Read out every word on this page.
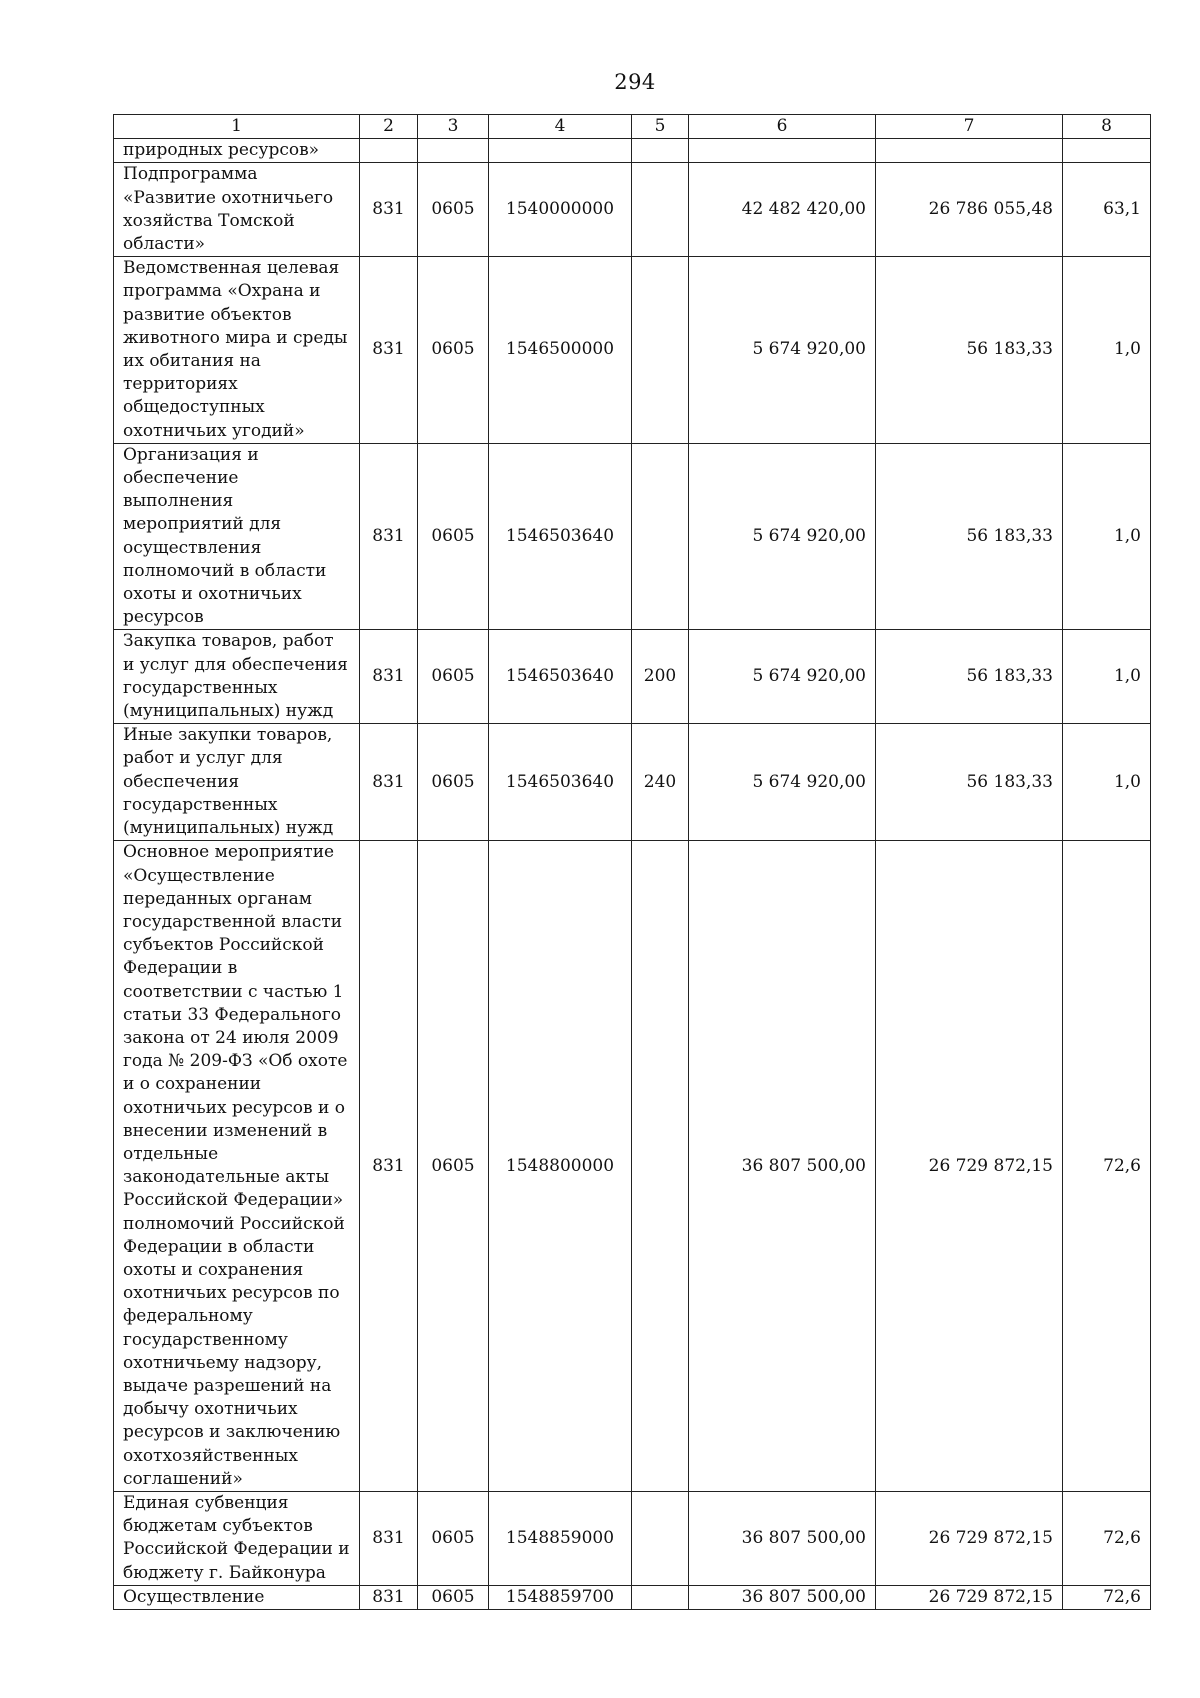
294
1	2	3	4	5	6	7	8
природных ресурсов»							
Подпрограмма «Развитие охотничьего хозяйства Томской области»	831	0605	1540000000		42 482 420,00	26 786 055,48	63,1
Ведомственная целевая программа «Охрана и развитие объектов животного мира и среды их обитания на территориях общедоступных охотничьих угодий»	831	0605	1546500000		5 674 920,00	56 183,33	1,0
Организация и обеспечение выполнения мероприятий для осуществления полномочий в области охоты и охотничьих ресурсов	831	0605	1546503640		5 674 920,00	56 183,33	1,0
Закупка товаров, работ и услуг для обеспечения государственных (муниципальных) нужд	831	0605	1546503640	200	5 674 920,00	56 183,33	1,0
Иные закупки товаров, работ и услуг для обеспечения государственных (муниципальных) нужд	831	0605	1546503640	240	5 674 920,00	56 183,33	1,0
Основное мероприятие «Осуществление переданных органам государственной власти субъектов Российской Федерации в соответствии с частью 1 статьи 33 Федерального закона от 24 июля 2009 года № 209-ФЗ «Об охоте и о сохранении охотничьих ресурсов и о внесении изменений в отдельные законодательные акты Российской Федерации» полномочий Российской Федерации в области охоты и сохранения охотничьих ресурсов по федеральному государственному охотничьему надзору, выдаче разрешений на добычу охотничьих ресурсов и заключению охотхозяйственных соглашений»	831	0605	1548800000		36 807 500,00	26 729 872,15	72,6
Единая субвенция бюджетам субъектов Российской Федерации и бюджету г. Байконура	831	0605	1548859000		36 807 500,00	26 729 872,15	72,6
Осуществление	831	0605	1548859700		36 807 500,00	26 729 872,15	72,6
